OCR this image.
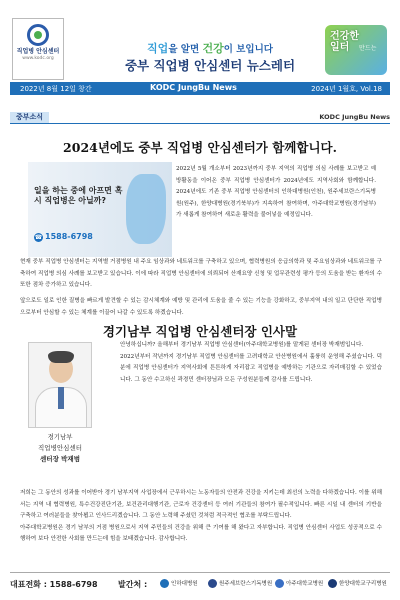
직업병 안심센터
www.kodc.org
직업을 알면 건강이 보입니다
중부 직업병 안심센터 뉴스레터
건강한
일터	만드는
2022년 8월 12일 창간	KODC JungBu News	2024년 1월호, Vol.18
중부소식	KODC JungBu News
2024년에도 중부 직업병 안심센터가 함께합니다.
일을 하는 중에 아프면 혹시 직업병은 아닐까?
☎ 1588-6798

2022년 5월 개소부터 2023년까지 중부 지역의 직업병 의심 사례를 보고받고 예방활동을 이어온 중부 직업병 안심센터가 2024년에도 지역사회와 함께합니다. 2024년에도 기존 중부 직업병 안심센터의 인하대병원(인천), 원주세브란스기독병원(원주), 한양대병원(경기북부)가 지속하여 참여하며, 아주대학교병원(경기남부)가 새롭게 참여하여 새로운 활력을 불어넣을 예정입니다.

현재 중부 직업병 안심센터는 지역별 거점병원 내 주요 임상과와 네트워크를 구축하고 있으며, 협력병원의 응급의학과 및 주요임상과와 네트워크를 구축하여 직업병 의심 사례를 보고받고 있습니다. 이에 따라 직업병 안심센터에 의뢰되어 산재요양 신청 및 업무관련성 평가 등의 도움을 받는 환자의 수 또한 점차 증가하고 있습니다.

앞으로도 일로 인한 질병을 빠르게 발견할 수 있는 감시체계와 예방 및 관리에 도움을 줄 수 있는 기능을 강화하고, 중부지역 내의 일고 단단한 직업병으로부터 안심할 수 있는 체계를 이끌어 나갈 수 있도록 하겠습니다.

경기남부 직업병 안심센터장 인사말
경기남부
직업병안심센터
센터장 박재범

안녕하십니까? 올해부터 경기남부 직업병 안심센터(아주대학교병원)를 맡게된 센터장 박재범입니다.

2022년부터 작년까지 경기남부 직업병 안심센터를 고려대학교 안산병원에서 훌륭히 운영해 주셨습니다. 덕분에 직업병 안심센터가 지역사회에 튼튼하게 자리잡고 직업병을 예방하는 기관으로 자리매김할 수 있었습니다. 그 동안 수고하신 곽경민 센터장님과 모든 구성원분들께 감사를 드립니다.

저희는 그 동안의 성과를 이어받아 경기 남부지역 사업장에서 근무하시는 노동자들의 안전과 건강을 지키는데 최선의 노력을 다하겠습니다. 이를 위해서는 지역 내 협력병원, 특수건강진단기관, 보건관리대행기관, 근로자 건강센터 등 여러 기관들의 참여가 필수적입니다. 빠른 시일 내 센터의 기반을 구축하고 여러분들을 찾아뵙고 인사드리겠습니다. 그 동안 노력해 주셨던 것처럼 적극적인 협조를 부탁드립니다.

아주대학교병원은 경기 남부의 거점 병원으로서 지역 주민들의 건강을 위해 큰 기여를 해 왔다고 자부합니다. 직업병 안심센터 사업도 성공적으로 수행하여 보다 안전한 사회를 만드는데 힘을 보태겠습니다. 감사합니다.

대표전화 : 1588-6798	발간처 :	인하대병원	원주세브란스기독병원	아주대학교병원	한양대학교구리병원
